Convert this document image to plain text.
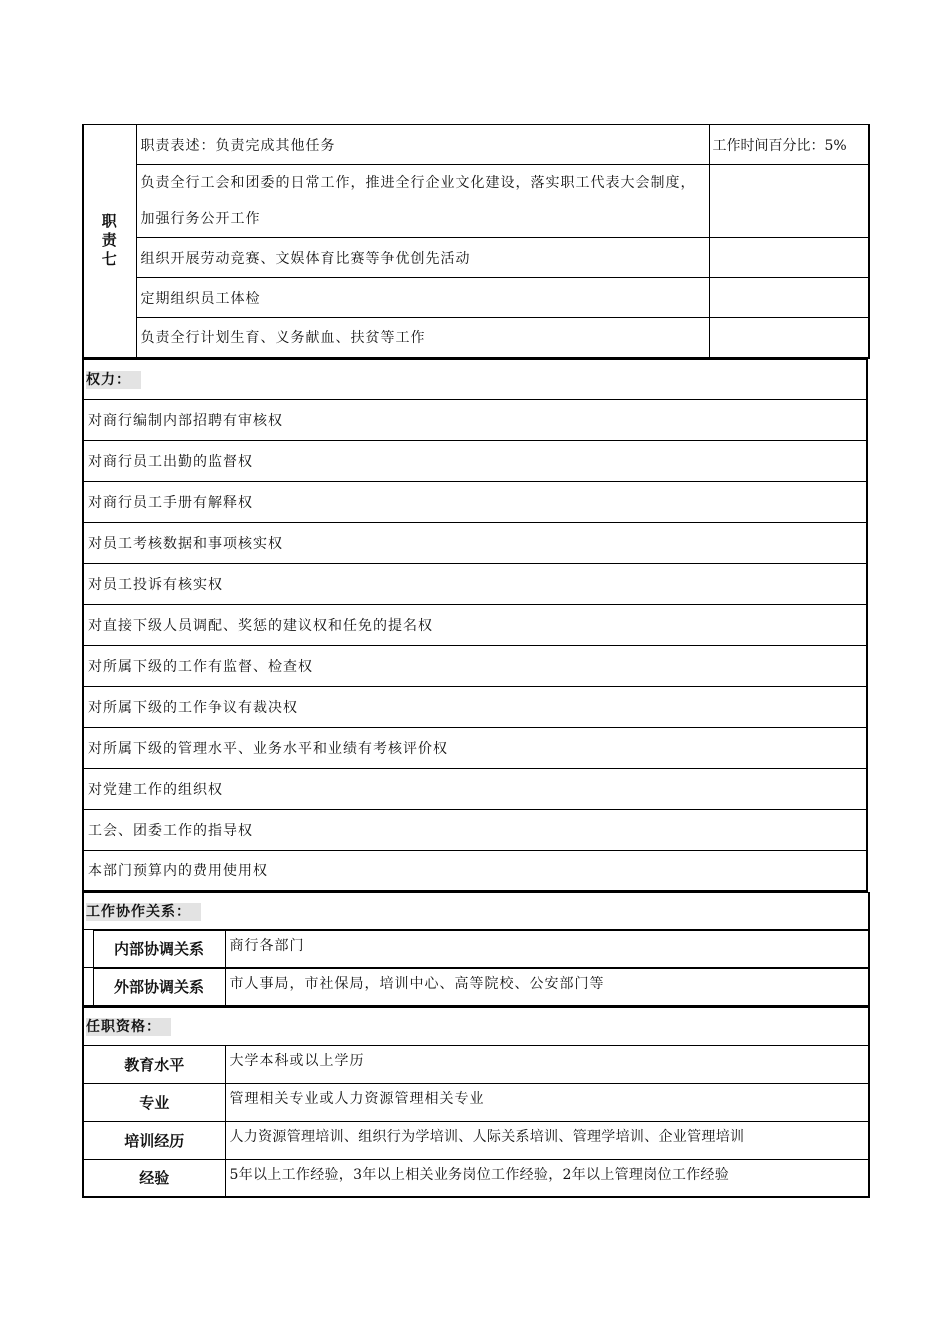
职
责
七	职责表述：负责完成其他任务	工作时间百分比：5%
	负责全行工会和团委的日常工作，推进全行企业文化建设，落实职工代表大会制度，加强行务公开工作	
	组织开展劳动竞赛、文娱体育比赛等争优创先活动	
	定期组织员工体检	
	负责全行计划生育、义务献血、扶贫等工作	
权力：
对商行编制内部招聘有审核权
对商行员工出勤的监督权
对商行员工手册有解释权
对员工考核数据和事项核实权
对员工投诉有核实权
对直接下级人员调配、奖惩的建议权和任免的提名权
对所属下级的工作有监督、检查权
对所属下级的工作争议有裁决权
对所属下级的管理水平、业务水平和业绩有考核评价权
对党建工作的组织权
工会、团委工作的指导权
本部门预算内的费用使用权
工作协作关系：		
	内部协调关系	商行各部门
	外部协调关系	市人事局，市社保局，培训中心、高等院校、公安部门等
任职资格：	
教育水平	大学本科或以上学历
专业	管理相关专业或人力资源管理相关专业
培训经历	人力资源管理培训、组织行为学培训、人际关系培训、管理学培训、企业管理培训
经验	5年以上工作经验，3年以上相关业务岗位工作经验，2年以上管理岗位工作经验
